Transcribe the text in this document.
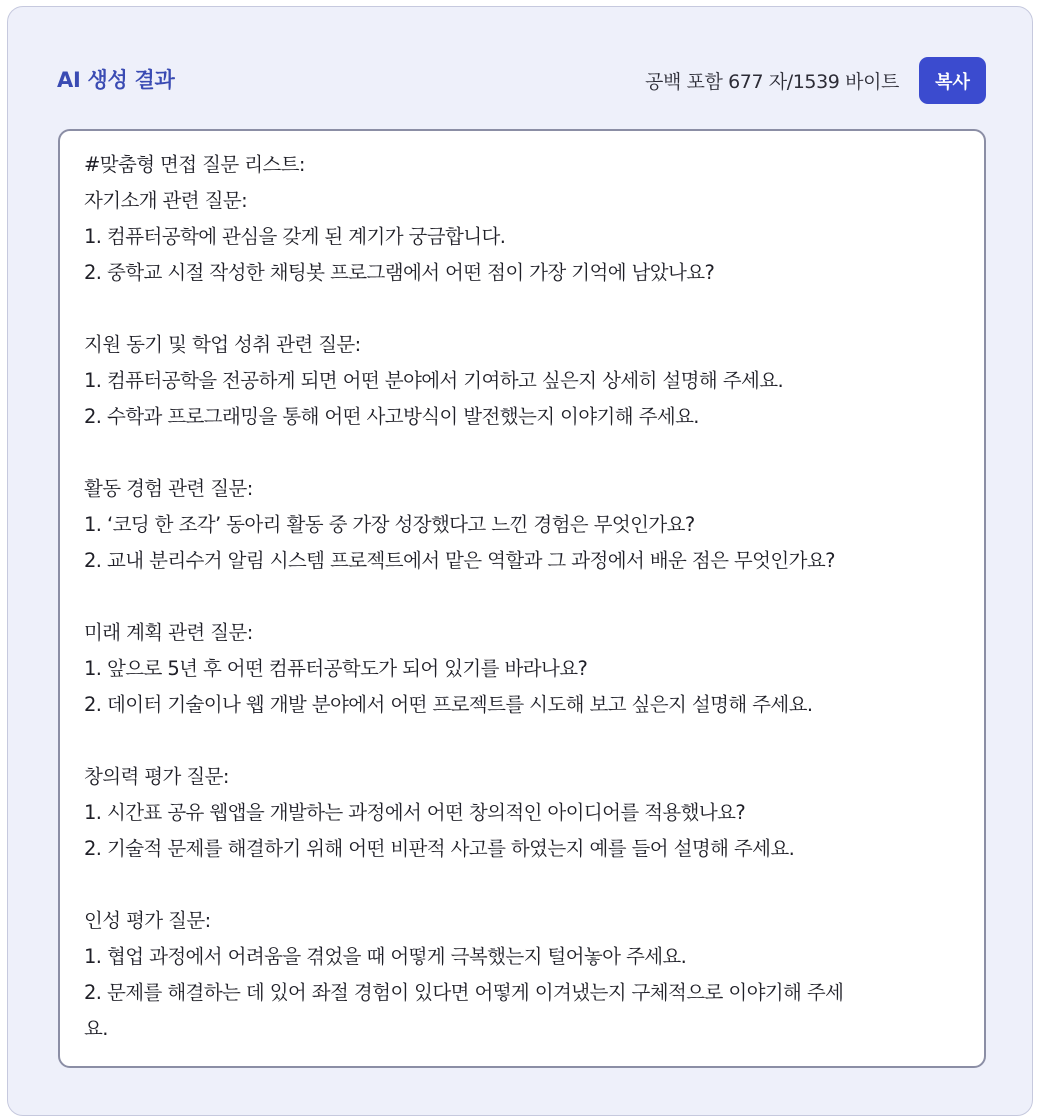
AI 생성 결과	공백 포함 677 자/1539 바이트	복사
#맞춤형 면접 질문 리스트:
자기소개 관련 질문:
1. 컴퓨터공학에 관심을 갖게 된 계기가 궁금합니다.
2. 중학교 시절 작성한 채팅봇 프로그램에서 어떤 점이 가장 기억에 남았나요?
지원 동기 및 학업 성취 관련 질문:
1. 컴퓨터공학을 전공하게 되면 어떤 분야에서 기여하고 싶은지 상세히 설명해 주세요.
2. 수학과 프로그래밍을 통해 어떤 사고방식이 발전했는지 이야기해 주세요.
활동 경험 관련 질문:
1. ‘코딩 한 조각’ 동아리 활동 중 가장 성장했다고 느낀 경험은 무엇인가요?
2. 교내 분리수거 알림 시스템 프로젝트에서 맡은 역할과 그 과정에서 배운 점은 무엇인가요?
미래 계획 관련 질문:
1. 앞으로 5년 후 어떤 컴퓨터공학도가 되어 있기를 바라나요?
2. 데이터 기술이나 웹 개발 분야에서 어떤 프로젝트를 시도해 보고 싶은지 설명해 주세요.
창의력 평가 질문:
1. 시간표 공유 웹앱을 개발하는 과정에서 어떤 창의적인 아이디어를 적용했나요?
2. 기술적 문제를 해결하기 위해 어떤 비판적 사고를 하였는지 예를 들어 설명해 주세요.
인성 평가 질문:
1. 협업 과정에서 어려움을 겪었을 때 어떻게 극복했는지 털어놓아 주세요.
2. 문제를 해결하는 데 있어 좌절 경험이 있다면 어떻게 이겨냈는지 구체적으로 이야기해 주세
요.
